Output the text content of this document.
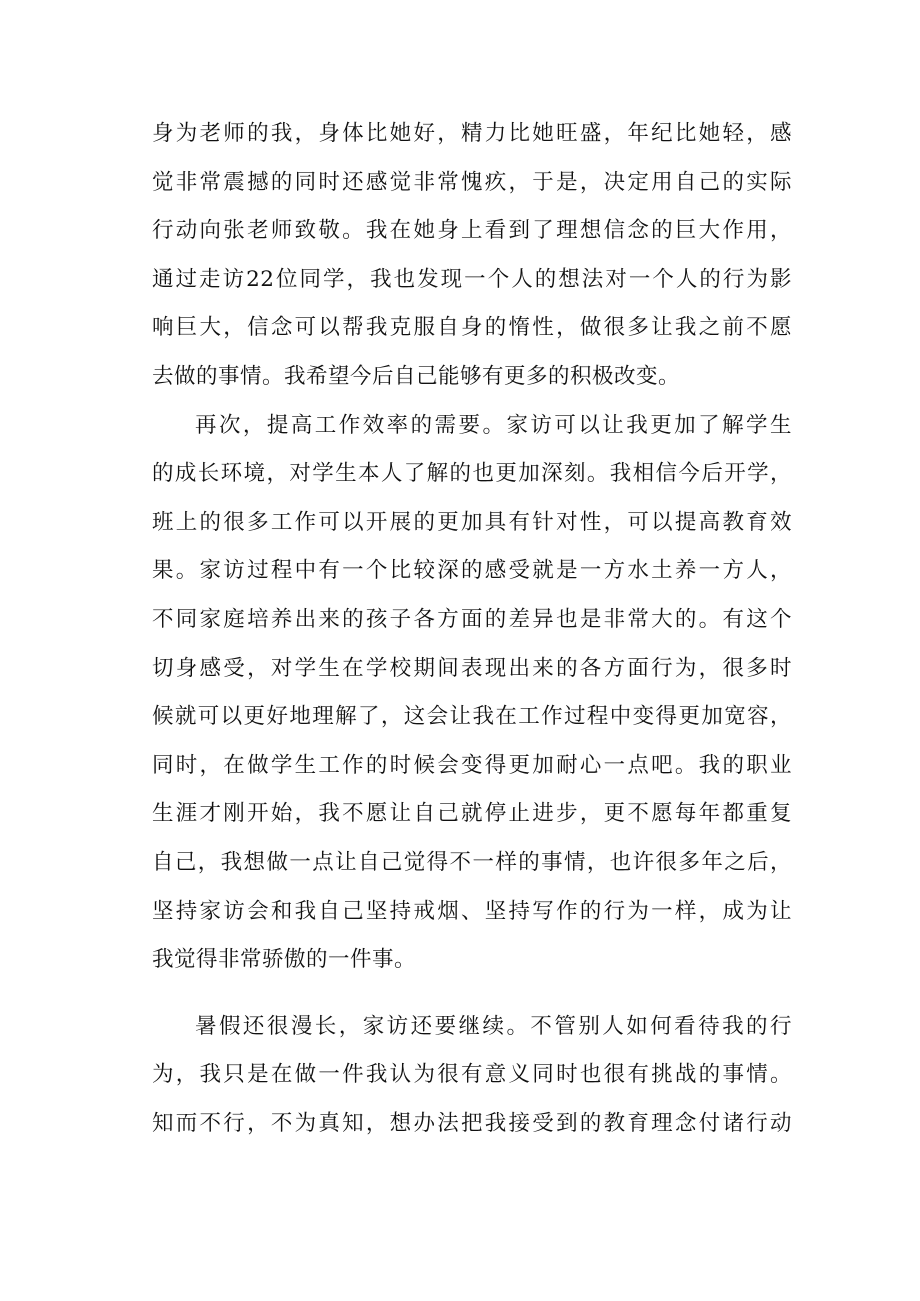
身为老师的我，身体比她好，精力比她旺盛，年纪比她轻，感
觉非常震撼的同时还感觉非常愧疚，于是，决定用自己的实际
行动向张老师致敬。我在她身上看到了理想信念的巨大作用，
通过走访22位同学，我也发现一个人的想法对一个人的行为影
响巨大，信念可以帮我克服自身的惰性，做很多让我之前不愿
去做的事情。我希望今后自己能够有更多的积极改变。
再次，提高工作效率的需要。家访可以让我更加了解学生
的成长环境，对学生本人了解的也更加深刻。我相信今后开学，
班上的很多工作可以开展的更加具有针对性，可以提高教育效
果。家访过程中有一个比较深的感受就是一方水土养一方人，
不同家庭培养出来的孩子各方面的差异也是非常大的。有这个
切身感受，对学生在学校期间表现出来的各方面行为，很多时
候就可以更好地理解了，这会让我在工作过程中变得更加宽容，
同时，在做学生工作的时候会变得更加耐心一点吧。我的职业
生涯才刚开始，我不愿让自己就停止进步，更不愿每年都重复
自己，我想做一点让自己觉得不一样的事情，也许很多年之后，
坚持家访会和我自己坚持戒烟、坚持写作的行为一样，成为让
我觉得非常骄傲的一件事。
暑假还很漫长，家访还要继续。不管别人如何看待我的行
为，我只是在做一件我认为很有意义同时也很有挑战的事情。
知而不行，不为真知，想办法把我接受到的教育理念付诸行动
